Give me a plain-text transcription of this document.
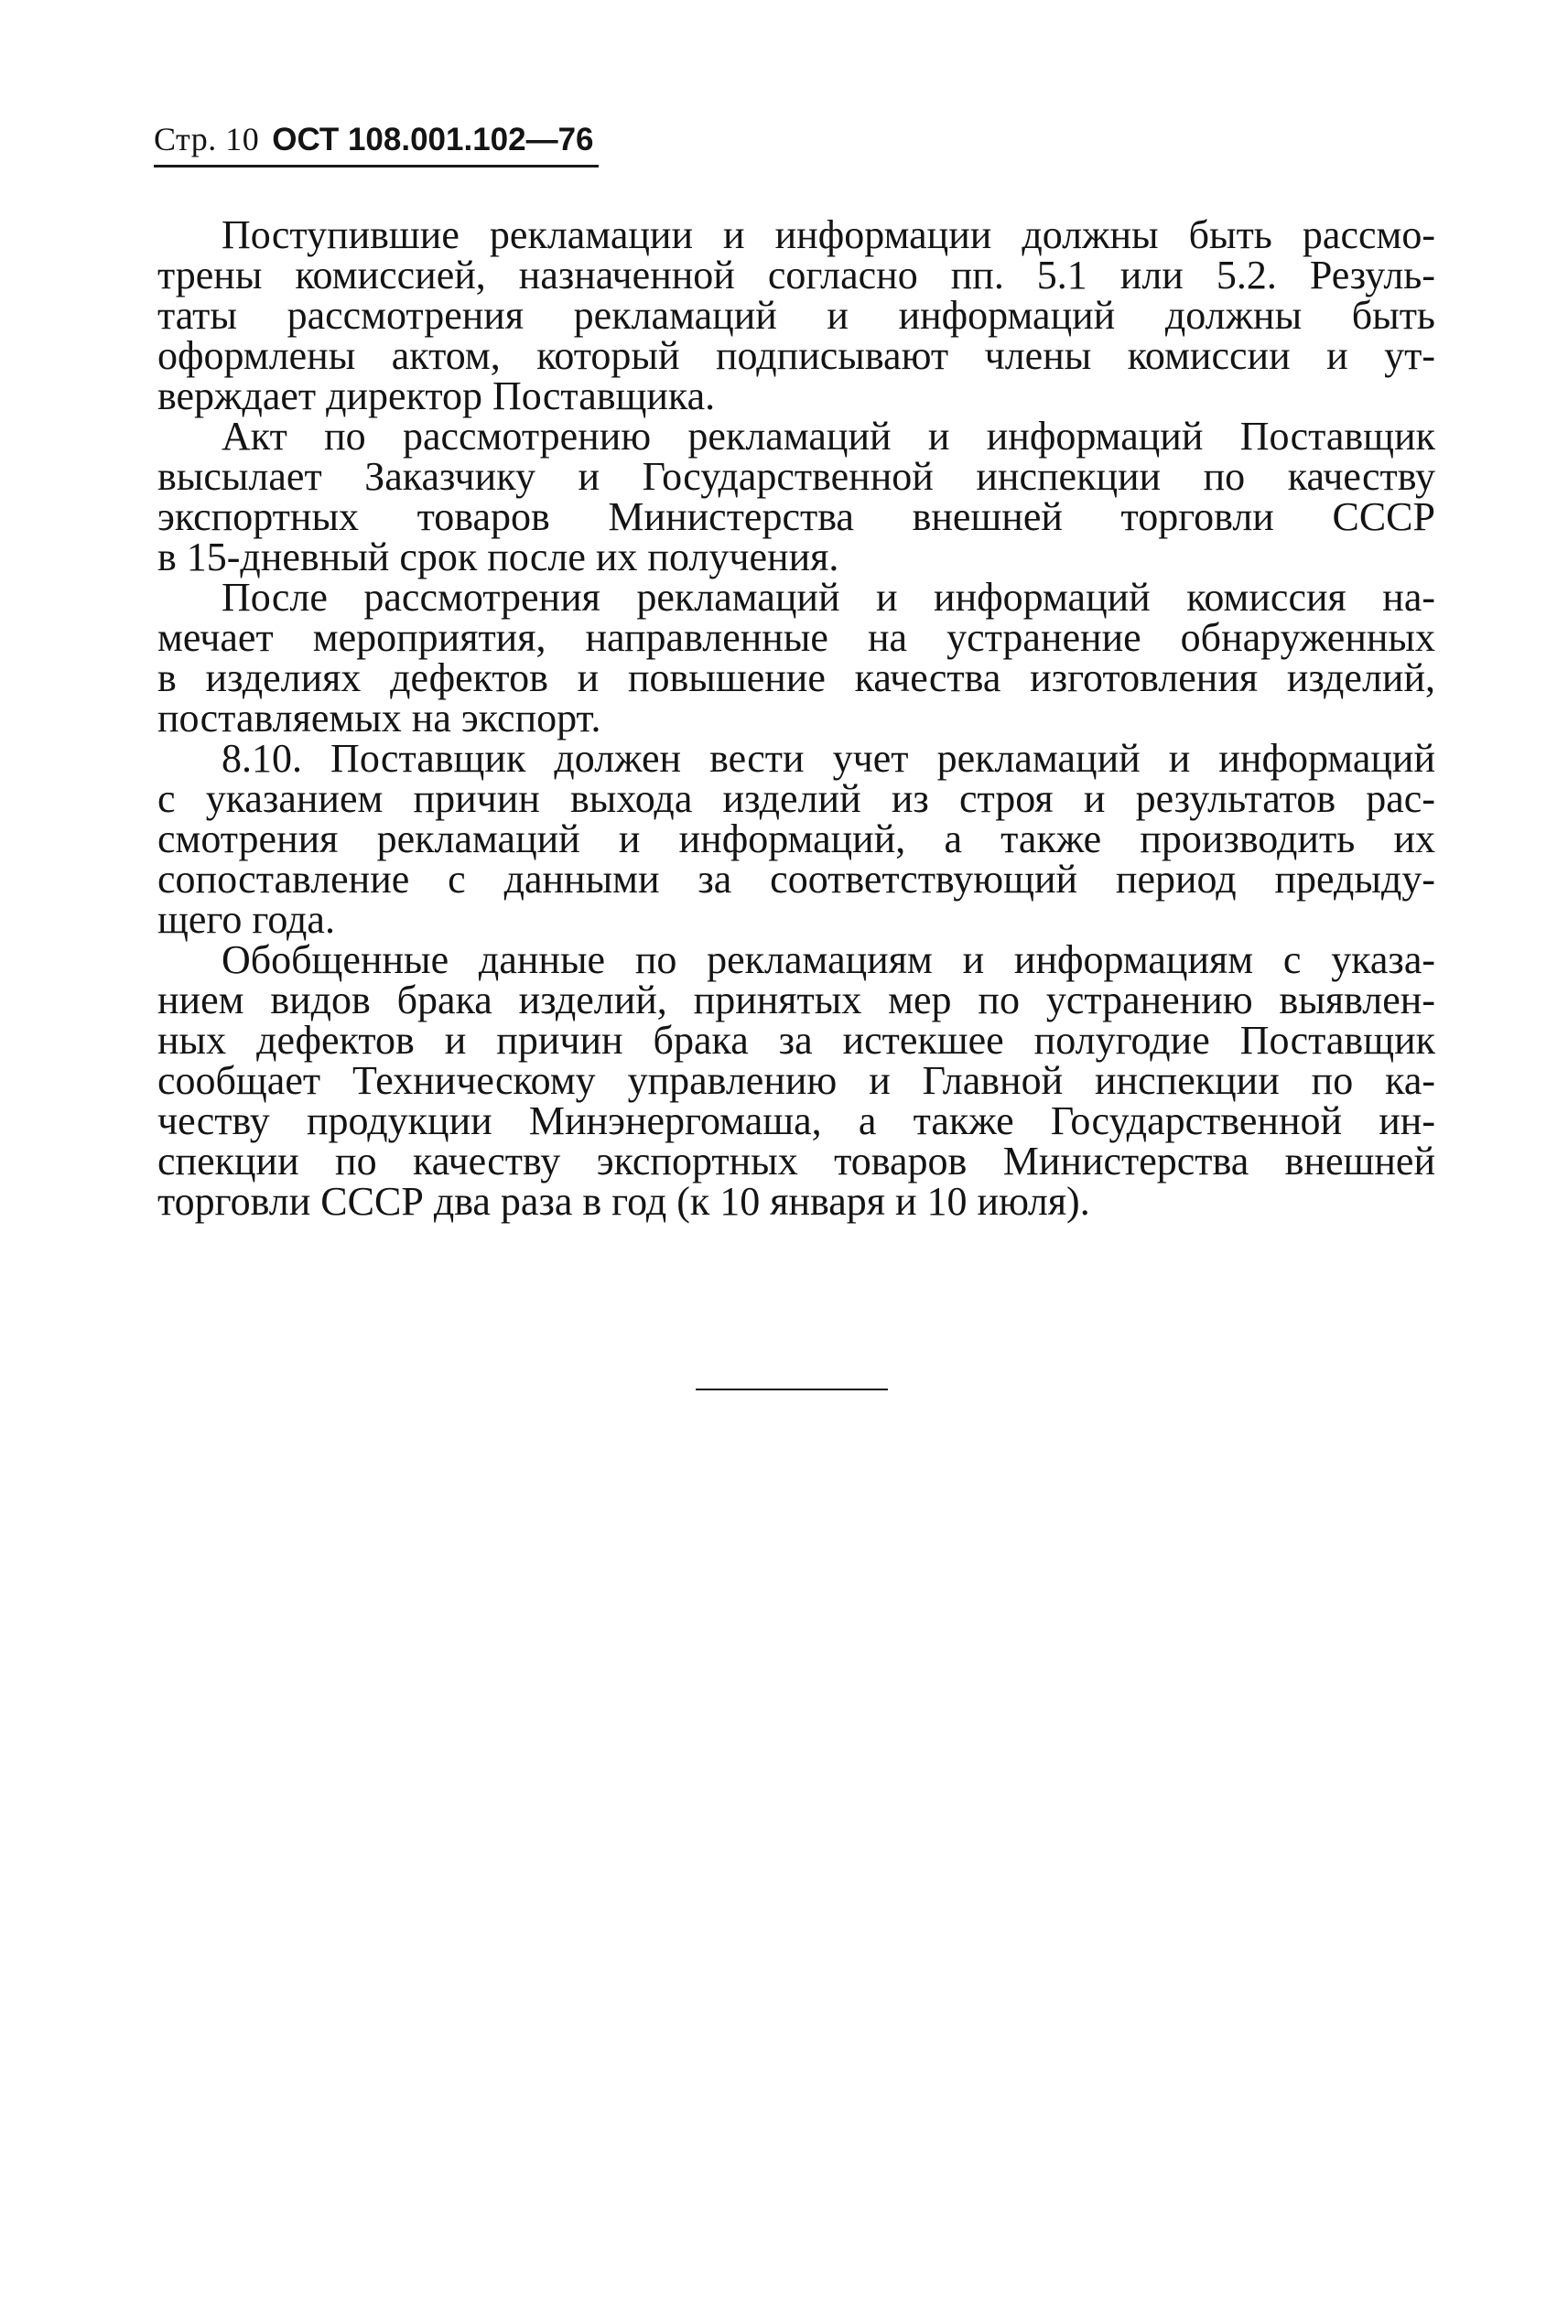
Стр. 10 ОСТ 108.001.102—76

Поступившие рекламации и информации должны быть рассмо-
трены комиссией, назначенной согласно пп. 5.1 или 5.2. Резуль-
таты рассмотрения рекламаций и информаций должны быть
оформлены актом, который подписывают члены комиссии и ут-
верждает директор Поставщика.

Акт по рассмотрению рекламаций и информаций Поставщик
высылает Заказчику и Государственной инспекции по качеству
экспортных товаров Министерства внешней торговли СССР
в 15-дневный срок после их получения.

После рассмотрения рекламаций и информаций комиссия на-
мечает мероприятия, направленные на устранение обнаруженных
в изделиях дефектов и повышение качества изготовления изделий,
поставляемых на экспорт.

8.10. Поставщик должен вести учет рекламаций и информаций
с указанием причин выхода изделий из строя и результатов рас-
смотрения рекламаций и информаций, а также производить их
сопоставление с данными за соответствующий период предыду-
щего года.

Обобщенные данные по рекламациям и информациям с указа-
нием видов брака изделий, принятых мер по устранению выявлен-
ных дефектов и причин брака за истекшее полугодие Поставщик
сообщает Техническому управлению и Главной инспекции по ка-
честву продукции Минэнергомаша, а также Государственной ин-
спекции по качеству экспортных товаров Министерства внешней
торговли СССР два раза в год (к 10 января и 10 июля).
